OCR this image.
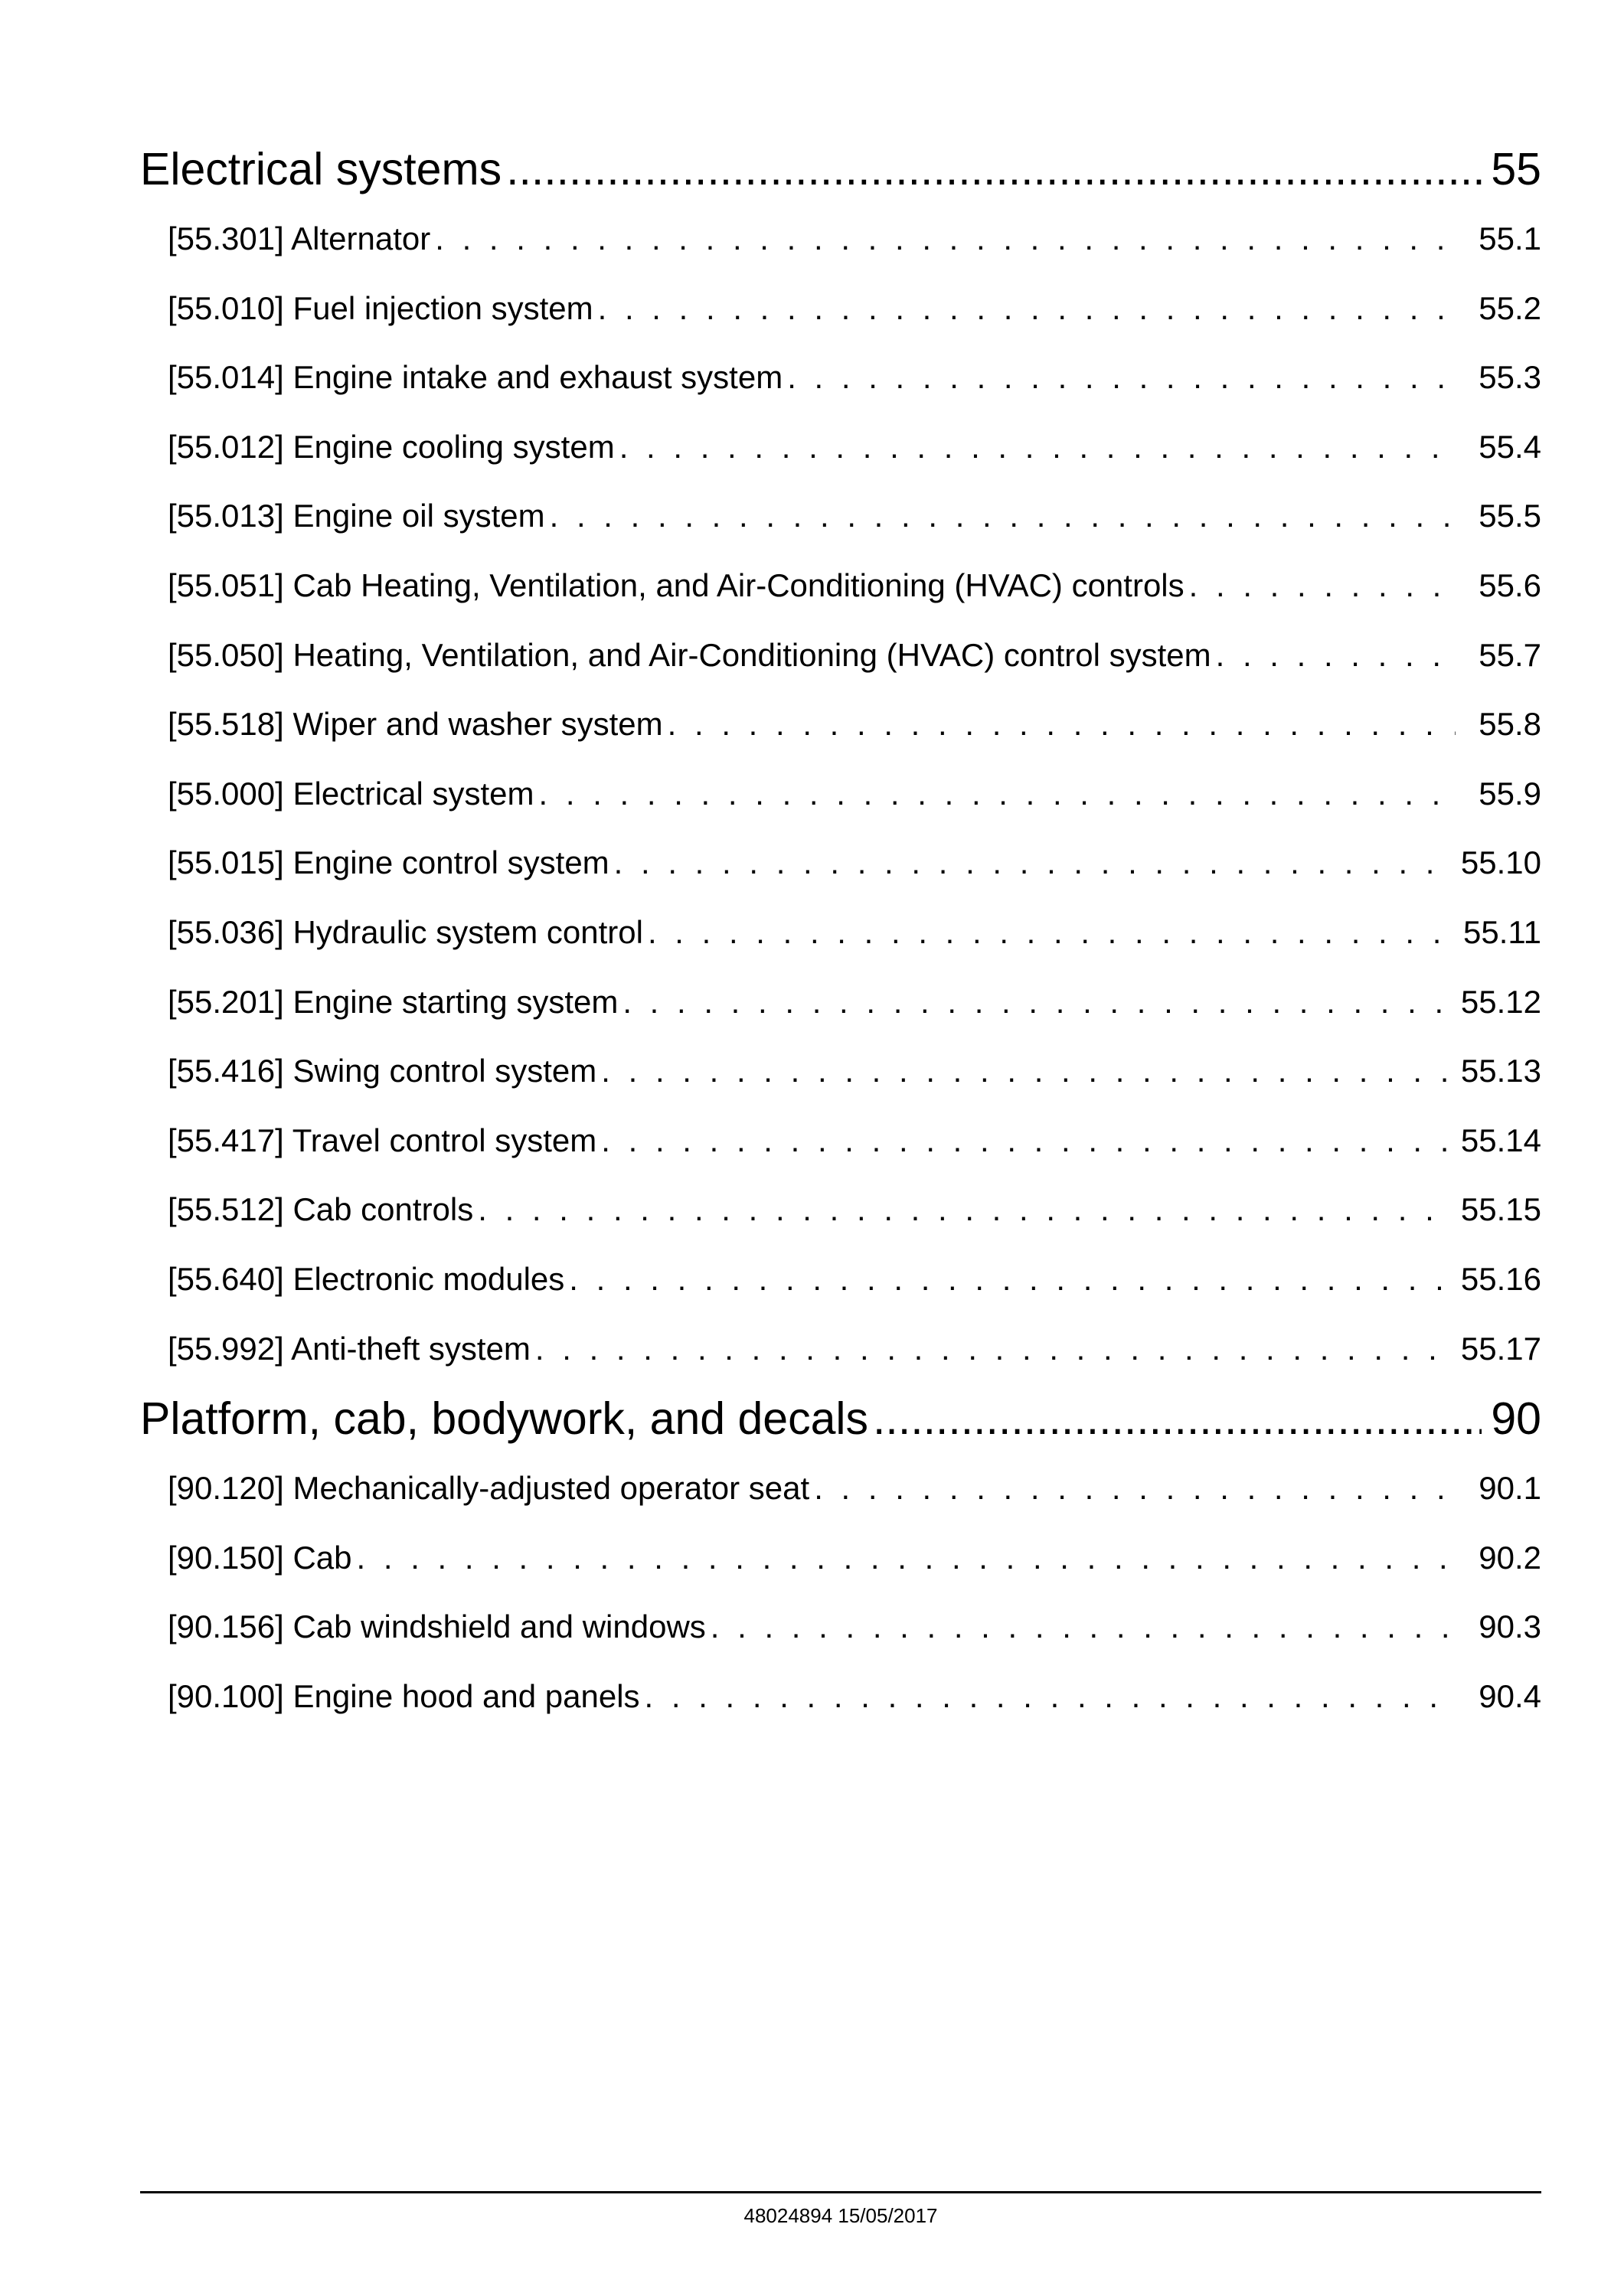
Electrical systems .....	55
[55.301] Alternator . . .	55.1
[55.010] Fuel injection system . . .	55.2
[55.014] Engine intake and exhaust system . . .	55.3
[55.012] Engine cooling system . . .	55.4
[55.013] Engine oil system . . .	55.5
[55.051] Cab Heating, Ventilation, and Air-Conditioning (HVAC) controls . . .	55.6
[55.050] Heating, Ventilation, and Air-Conditioning (HVAC) control system . . .	55.7
[55.518] Wiper and washer system . . .	55.8
[55.000] Electrical system . . .	55.9
[55.015] Engine control system . . .	55.10
[55.036] Hydraulic system control . . .	55.11
[55.201] Engine starting system . . .	55.12
[55.416] Swing control system . . .	55.13
[55.417] Travel control system . . .	55.14
[55.512] Cab controls . . .	55.15
[55.640] Electronic modules . . .	55.16
[55.992] Anti-theft system . . .	55.17
Platform, cab, bodywork, and decals .....	90
[90.120] Mechanically-adjusted operator seat . . .	90.1
[90.150] Cab . . .	90.2
[90.156] Cab windshield and windows . . .	90.3
[90.100] Engine hood and panels . . .	90.4
48024894 15/05/2017
